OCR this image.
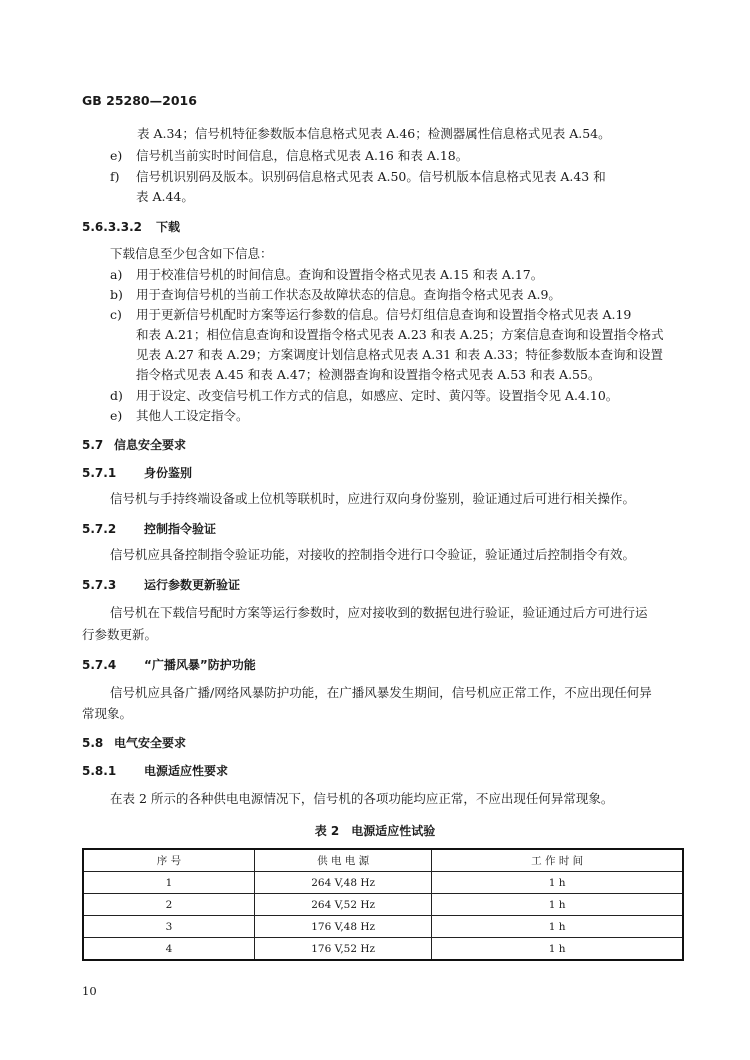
GB 25280—2016
表 A.34；信号机特征参数版本信息格式见表 A.46；检测器属性信息格式见表 A.54。
e) 信号机当前实时时间信息，信息格式见表 A.16 和表 A.18。
f) 信号机识别码及版本。识别码信息格式见表 A.50。信号机版本信息格式见表 A.43 和
表 A.44。
5.6.3.3.2 下载
下载信息至少包含如下信息：
a) 用于校准信号机的时间信息。查询和设置指令格式见表 A.15 和表 A.17。
b) 用于查询信号机的当前工作状态及故障状态的信息。查询指令格式见表 A.9。
c) 用于更新信号机配时方案等运行参数的信息。信号灯组信息查询和设置指令格式见表 A.19
和表 A.21；相位信息查询和设置指令格式见表 A.23 和表 A.25；方案信息查询和设置指令格式
见表 A.27 和表 A.29；方案调度计划信息格式见表 A.31 和表 A.33；特征参数版本查询和设置
指令格式见表 A.45 和表 A.47；检测器查询和设置指令格式见表 A.53 和表 A.55。
d) 用于设定、改变信号机工作方式的信息，如感应、定时、黄闪等。设置指令见 A.4.10。
e) 其他人工设定指令。
5.7 信息安全要求
5.7.1 身份鉴别
信号机与手持终端设备或上位机等联机时，应进行双向身份鉴别，验证通过后可进行相关操作。
5.7.2 控制指令验证
信号机应具备控制指令验证功能，对接收的控制指令进行口令验证，验证通过后控制指令有效。
5.7.3 运行参数更新验证
信号机在下载信号配时方案等运行参数时，应对接收到的数据包进行验证，验证通过后方可进行运
行参数更新。
5.7.4 “广播风暴”防护功能
信号机应具备广播/网络风暴防护功能，在广播风暴发生期间，信号机应正常工作，不应出现任何异
常现象。
5.8 电气安全要求
5.8.1 电源适应性要求
在表 2 所示的各种供电电源情况下，信号机的各项功能均应正常，不应出现任何异常现象。
表 2　电源适应性试验
序 号	供 电 电 源	工 作 时 间
1	264 V,48 Hz	1 h
2	264 V,52 Hz	1 h
3	176 V,48 Hz	1 h
4	176 V,52 Hz	1 h
10
